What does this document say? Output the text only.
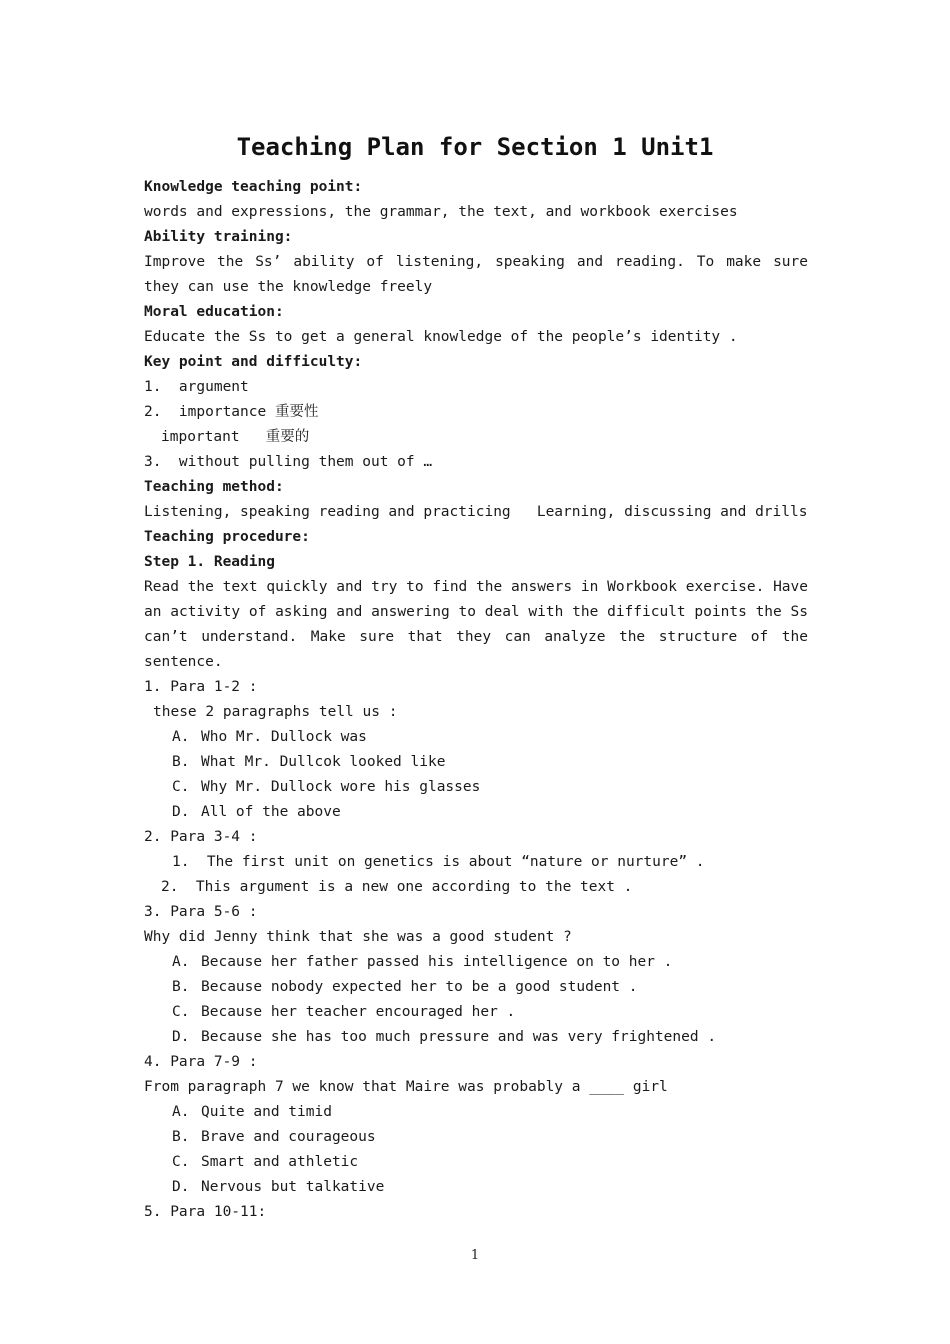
Teaching Plan for Section 1 Unit1
Knowledge teaching point:
words and expressions, the grammar, the text, and workbook exercises
Ability training:
Improve the Ss’ ability of listening, speaking and reading. To make sure they can use the knowledge freely
Moral education:
Educate the Ss to get a general knowledge of the people’s identity .
Key point and difficulty:
1.  argument
2.  importance 重要性
important   重要的
3.  without pulling them out of …
Teaching method:
Listening, speaking reading and practicing   Learning, discussing and drills
Teaching procedure:
Step 1. Reading
Read the text quickly and try to find the answers in Workbook exercise. Have an activity of asking and answering to deal with the difficult points the Ss can’t understand. Make sure that they can analyze the structure of the sentence.
1. Para 1-2 :
these 2 paragraphs tell us :
A. Who Mr. Dullock was
B. What Mr. Dullcok looked like
C. Why Mr. Dullock wore his glasses
D. All of the above
2. Para 3-4 :
1.  The first unit on genetics is about “nature or nurture” .
2.  This argument is a new one according to the text .
3. Para 5-6 :
Why did Jenny think that she was a good student ?
A. Because her father passed his intelligence on to her .
B. Because nobody expected her to be a good student .
C. Because her teacher encouraged her .
D. Because she has too much pressure and was very frightened .
4. Para 7-9 :
From paragraph 7 we know that Maire was probably a ____ girl
A. Quite and timid
B. Brave and courageous
C. Smart and athletic
D. Nervous but talkative
5. Para 10-11:
1
